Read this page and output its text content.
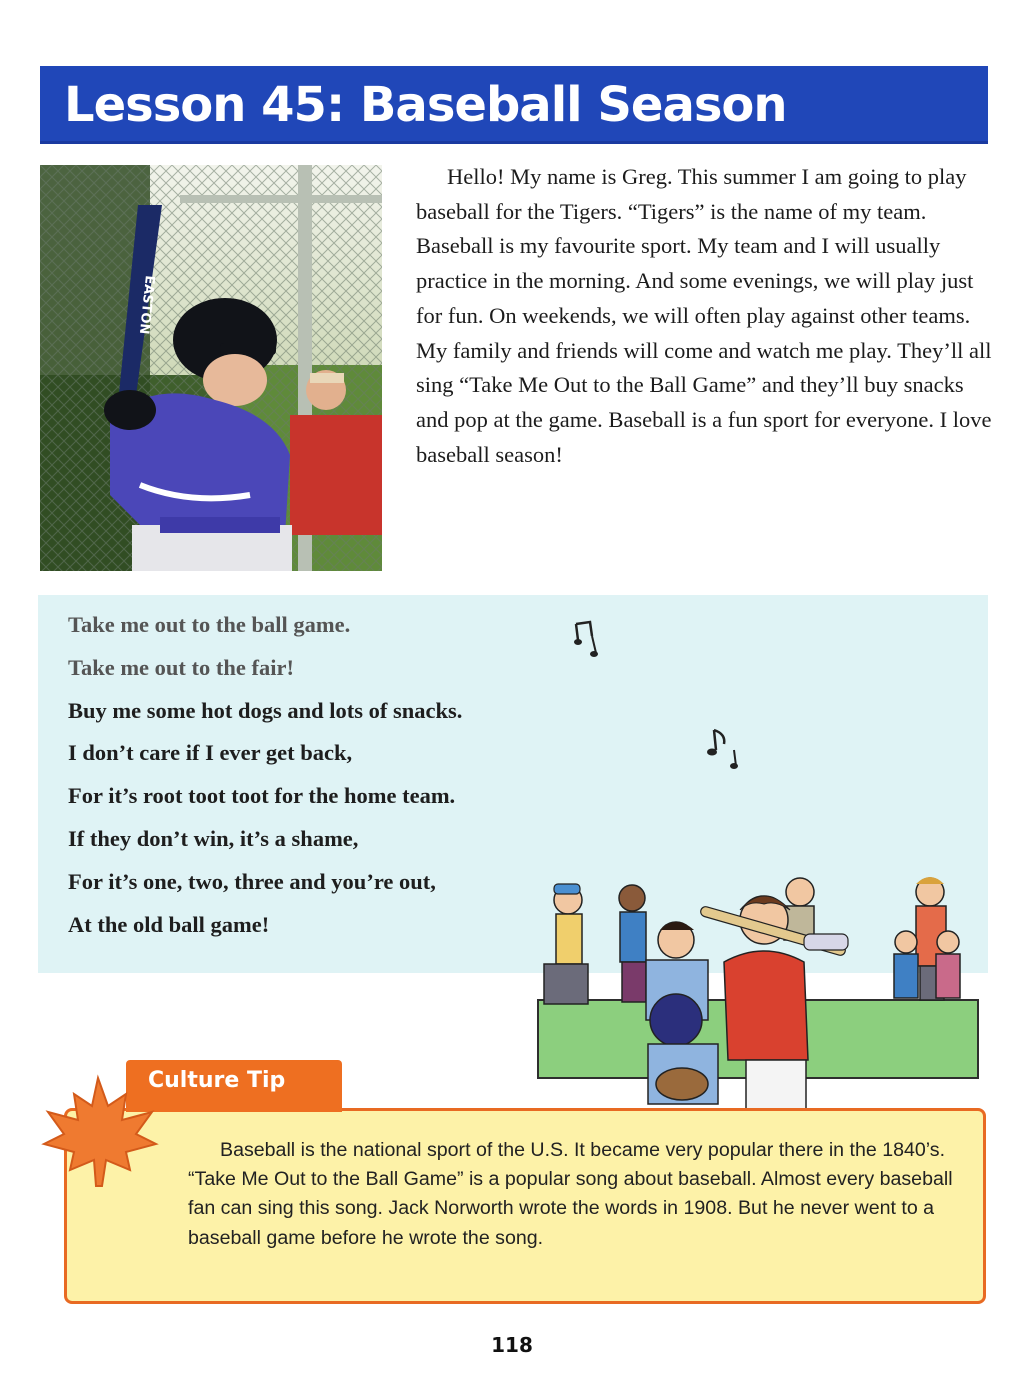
Lesson 45: Baseball Season
EASTON

Hello! My name is Greg. This summer I am going to play baseball for the Tigers. “Tigers” is the name of my team. Baseball is my favourite sport. My team and I will usually practice in the morning. And some evenings, we will play just for fun. On weekends, we will often play against other teams. My family and friends will come and watch me play. They’ll all sing “Take Me Out to the Ball Game” and they’ll buy snacks and pop at the game. Baseball is a fun sport for everyone. I love baseball season!

Take me out to the ball game.
Take me out to the fair!
Buy me some hot dogs and lots of snacks.
I don’t care if I ever get back,
For it’s root toot toot for the home team.
If they don’t win, it’s a shame,
For it’s one, two, three and you’re out,
At the old ball game!
Culture Tip

Baseball is the national sport of the U.S. It became very popular there in the 1840’s. “Take Me Out to the Ball Game” is a popular song about baseball. Almost every baseball fan can sing this song. Jack Norworth wrote the words in 1908. But he never went to a baseball game before he wrote the song.

118
